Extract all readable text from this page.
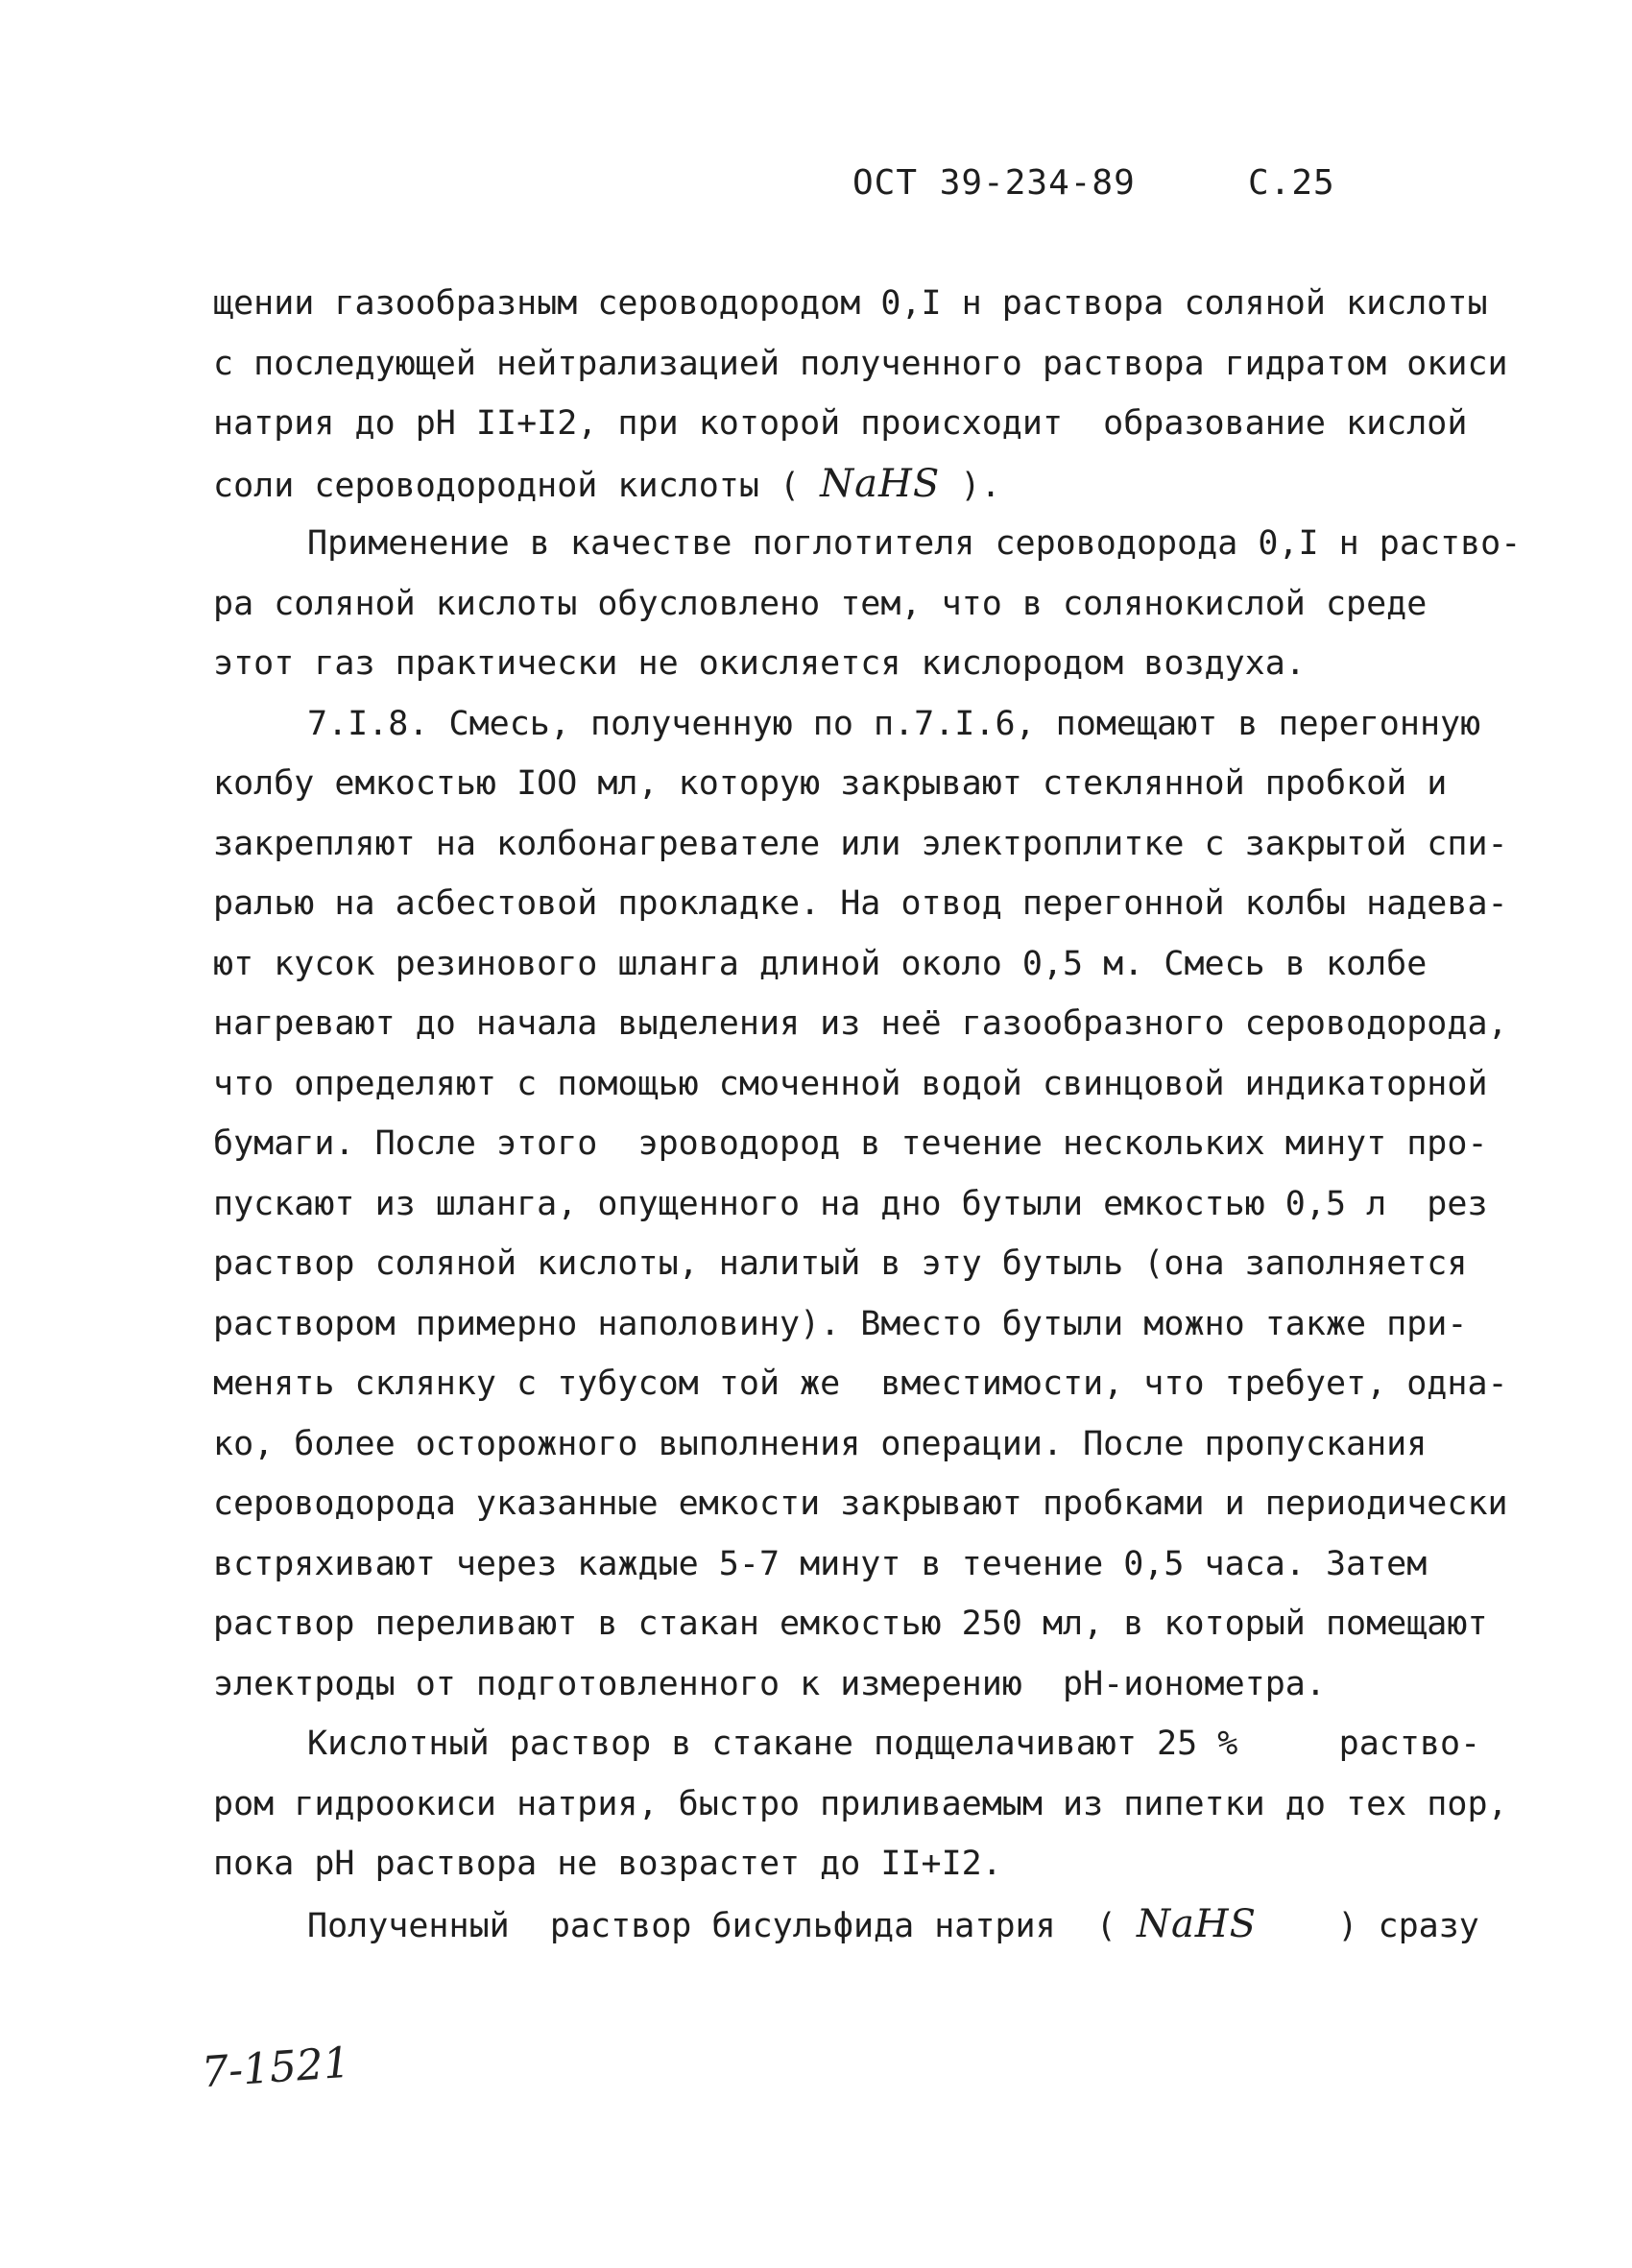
ОСТ 39-234-89	С.25
щении газообразным сероводородом 0,I н раствора соляной кислоты
с последующей нейтрализацией полученного раствора гидратом окиси
натрия до рН II+I2, при которой происходит  образование кислой
соли сероводородной кислоты ( NaHS ).
Применение в качестве поглотителя сероводорода 0,I н раство-
ра соляной кислоты обусловлено тем, что в солянокислой среде
этот газ практически не окисляется кислородом воздуха.
7.I.8. Смесь, полученную по п.7.I.6, помещают в перегонную
колбу емкостью IOO мл, которую закрывают стеклянной пробкой и
закрепляют на колбонагревателе или электроплитке с закрытой спи-
ралью на асбестовой прокладке. На отвод перегонной колбы надева-
ют кусок резинового шланга длиной около 0,5 м. Смесь в колбе
нагревают до начала выделения из неё газообразного сероводорода,
что определяют с помощью смоченной водой свинцовой индикаторной
бумаги. После этого  эроводород в течение нескольких минут про-
пускают из шланга, опущенного на дно бутыли емкостью 0,5 л  рез
раствор соляной кислоты, налитый в эту бутыль (она заполняется
раствором примерно наполовину). Вместо бутыли можно также при-
менять склянку с тубусом той же  вместимости, что требует, одна-
ко, более осторожного выполнения операции. После пропускания
сероводорода указанные емкости закрывают пробками и периодически
встряхивают через каждые 5-7 минут в течение 0,5 часа. Затем
раствор переливают в стакан емкостью 250 мл, в который помещают
электроды от подготовленного к измерению  рН-ионометра.
Кислотный раствор в стакане подщелачивают 25 %     раство-
ром гидроокиси натрия, быстро приливаемым из пипетки до тех пор,
пока рН раствора не возрастет до II+I2.
Полученный  раствор бисульфида натрия  ( NaHS    ) сразу
7-1521
